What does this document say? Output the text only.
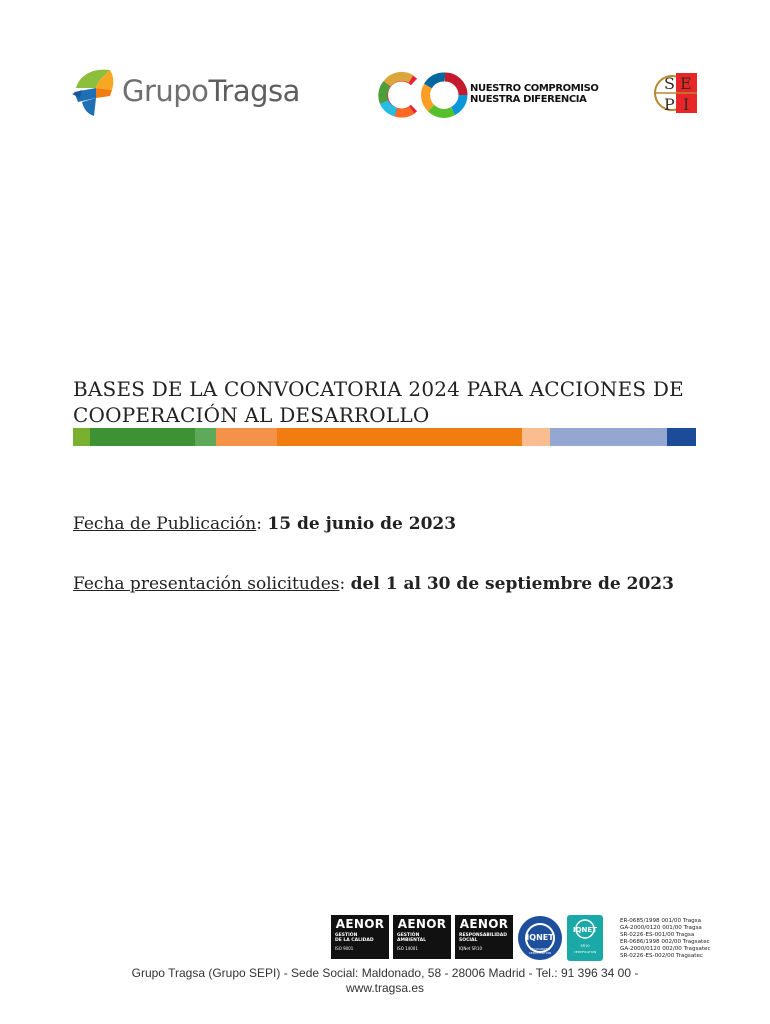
GrupoTragsa	NUESTRO COMPROMISO
NUESTRA DIFERENCIA
S E
P I
BASES DE LA CONVOCATORIA 2024 PARA ACCIONES DE
COOPERACIÓN AL DESARROLLO
Fecha de Publicación: 15 de junio de 2023
Fecha presentación solicitudes: del 1 al 30 de septiembre de 2023
AENOR
GESTIÓN
DE LA CALIDAD
ISO 9001
AENOR
GESTIÓN
AMBIENTAL
ISO 14001
AENOR
RESPONSABILIDAD
SOCIAL
IQNet SR10
IQNET
RECOGNIZED
CERTIFICATION
IQNET
SR10
CERTIFICATION
ER-0685/1998 001/00 Tragsa
GA-2000/0120 001/00 Tragsa
SR-0226-ES-001/00 Tragsa
ER-0686/1998 002/00 Tragsatec
GA-2000/0120 002/00 Tragsatec
SR-0226-ES-002/00 Tragsatec
Grupo Tragsa (Grupo SEPI) - Sede Social: Maldonado, 58 - 28006 Madrid - Tel.: 91 396 34 00 -
www.tragsa.es
